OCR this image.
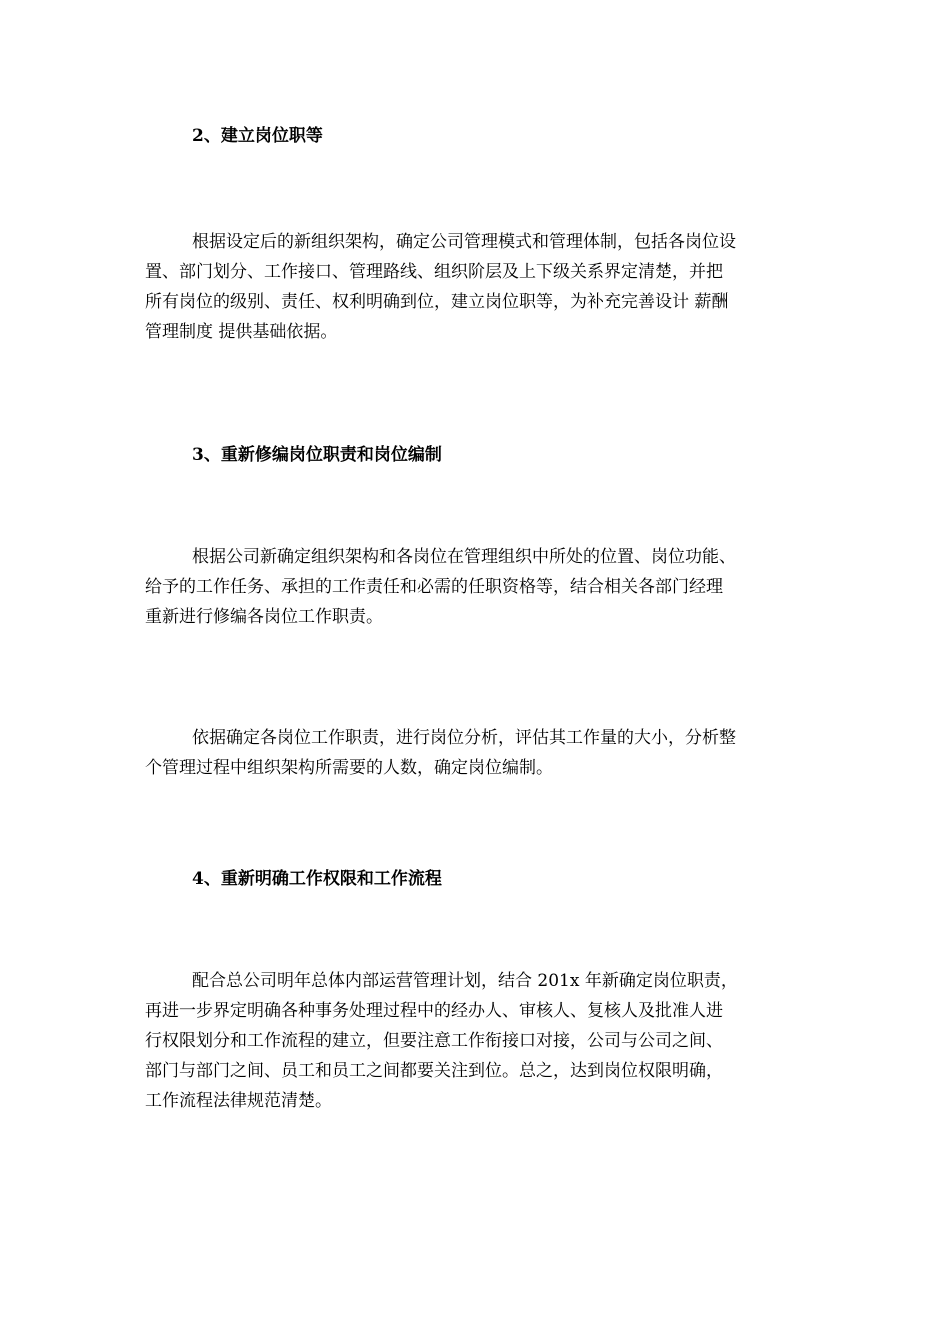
2、建立岗位职等
根据设定后的新组织架构，确定公司管理模式和管理体制，包括各岗位设
置、部门划分、工作接口、管理路线、组织阶层及上下级关系界定清楚，并把
所有岗位的级别、责任、权利明确到位，建立岗位职等，为补充完善设计 薪酬
管理制度 提供基础依据。
3、重新修编岗位职责和岗位编制
根据公司新确定组织架构和各岗位在管理组织中所处的位置、岗位功能、
给予的工作任务、承担的工作责任和必需的任职资格等，结合相关各部门经理
重新进行修编各岗位工作职责。
依据确定各岗位工作职责，进行岗位分析，评估其工作量的大小，分析整
个管理过程中组织架构所需要的人数，确定岗位编制。
4、重新明确工作权限和工作流程
配合总公司明年总体内部运营管理计划，结合 201x 年新确定岗位职责，
再进一步界定明确各种事务处理过程中的经办人、审核人、复核人及批准人进
行权限划分和工作流程的建立，但要注意工作衔接口对接，公司与公司之间、
部门与部门之间、员工和员工之间都要关注到位。总之，达到岗位权限明确，
工作流程法律规范清楚。
